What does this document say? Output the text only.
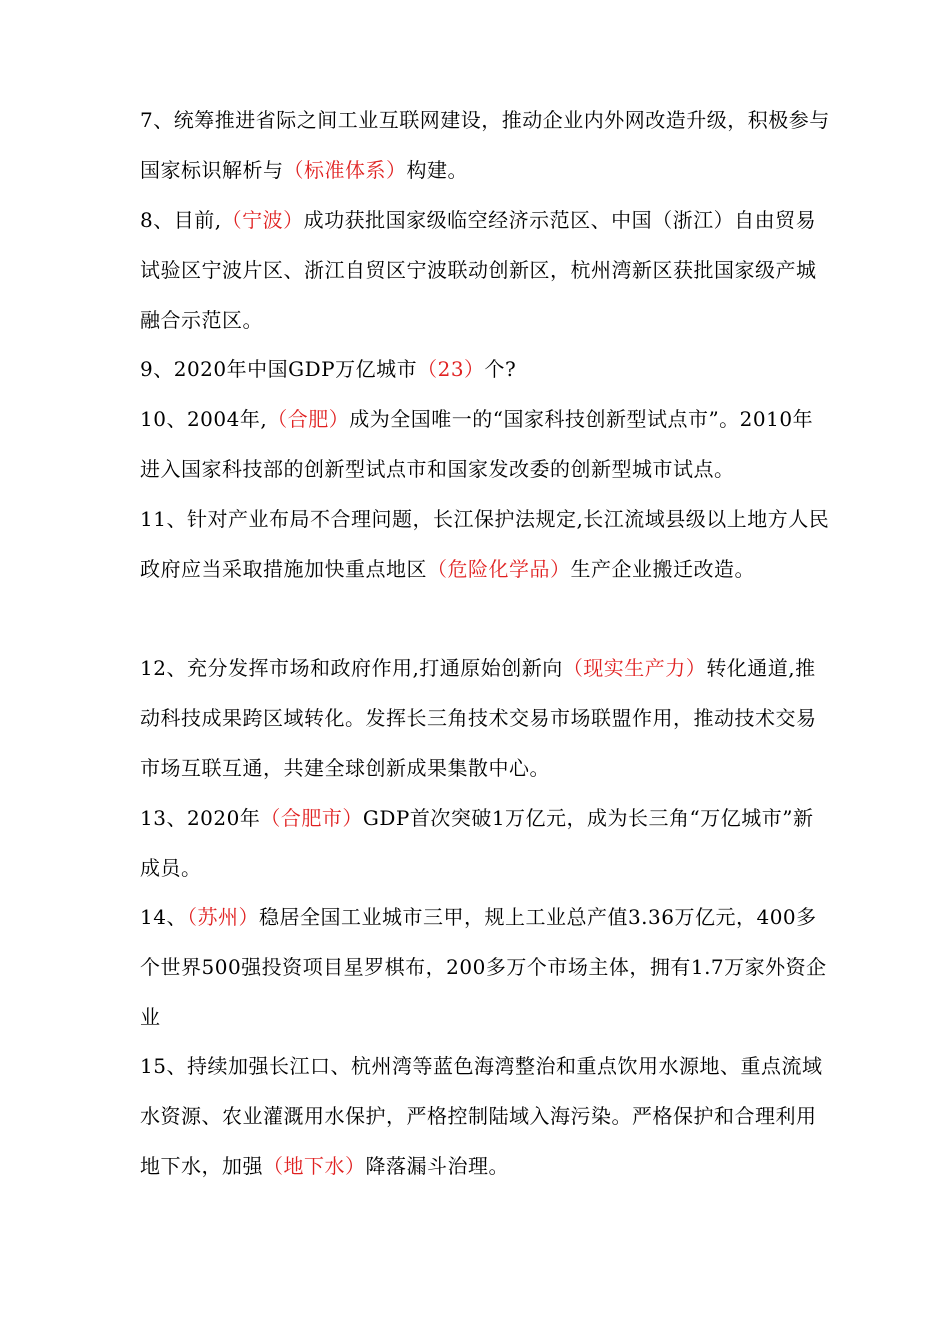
7、统筹推进省际之间工业互联网建设，推动企业内外网改造升级，积极参与国家标识解析与（标准体系）构建。

8、目前,（宁波）成功获批国家级临空经济示范区、中国（浙江）自由贸易试验区宁波片区、浙江自贸区宁波联动创新区，杭州湾新区获批国家级产城融合示范区。

9、2020年中国GDP万亿城市（23）个?

10、2004年,（合肥）成为全国唯一的“国家科技创新型试点市”。2010年进入国家科技部的创新型试点市和国家发改委的创新型城市试点。

11、针对产业布局不合理问题，长江保护法规定,长江流域县级以上地方人民政府应当采取措施加快重点地区（危险化学品）生产企业搬迁改造。

12、充分发挥市场和政府作用,打通原始创新向（现实生产力）转化通道,推动科技成果跨区域转化。发挥长三角技术交易市场联盟作用，推动技术交易市场互联互通，共建全球创新成果集散中心。

13、2020年（合肥市）GDP首次突破1万亿元，成为长三角“万亿城市”新成员。

14、（苏州）稳居全国工业城市三甲，规上工业总产值3.36万亿元，400多个世界500强投资项目星罗棋布，200多万个市场主体，拥有1.7万家外资企业

15、持续加强长江口、杭州湾等蓝色海湾整治和重点饮用水源地、重点流域水资源、农业灌溉用水保护，严格控制陆域入海污染。严格保护和合理利用地下水，加强（地下水）降落漏斗治理。
